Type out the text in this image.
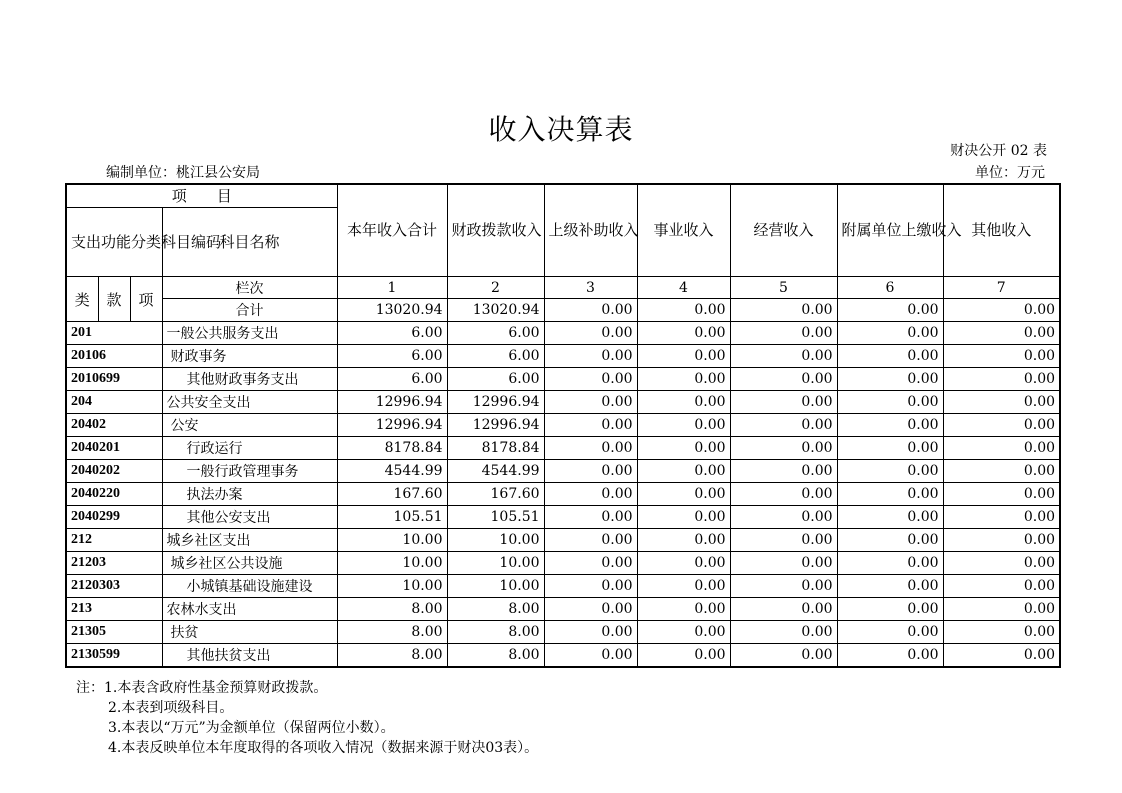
收入决算表
财决公开 02 表
编制单位：桃江县公安局	单位：万元
项　　目				本年收入合计	财政拨款收入	上级补助收入	事业收入	经营收入	附属单位上缴收入	其他收入
支出功能分类科目编码			科目名称							
类	款	项	栏次	1	2	3	4	5	6	7
			合计	13020.94	13020.94	0.00	0.00	0.00	0.00	0.00
201			一般公共服务支出	6.00	6.00	0.00	0.00	0.00	0.00	0.00
20106			财政事务	6.00	6.00	0.00	0.00	0.00	0.00	0.00
2010699			其他财政事务支出	6.00	6.00	0.00	0.00	0.00	0.00	0.00
204			公共安全支出	12996.94	12996.94	0.00	0.00	0.00	0.00	0.00
20402			公安	12996.94	12996.94	0.00	0.00	0.00	0.00	0.00
2040201			行政运行	8178.84	8178.84	0.00	0.00	0.00	0.00	0.00
2040202			一般行政管理事务	4544.99	4544.99	0.00	0.00	0.00	0.00	0.00
2040220			执法办案	167.60	167.60	0.00	0.00	0.00	0.00	0.00
2040299			其他公安支出	105.51	105.51	0.00	0.00	0.00	0.00	0.00
212			城乡社区支出	10.00	10.00	0.00	0.00	0.00	0.00	0.00
21203			城乡社区公共设施	10.00	10.00	0.00	0.00	0.00	0.00	0.00
2120303			小城镇基础设施建设	10.00	10.00	0.00	0.00	0.00	0.00	0.00
213			农林水支出	8.00	8.00	0.00	0.00	0.00	0.00	0.00
21305			扶贫	8.00	8.00	0.00	0.00	0.00	0.00	0.00
2130599			其他扶贫支出	8.00	8.00	0.00	0.00	0.00	0.00	0.00
注：1.本表含政府性基金预算财政拨款。
2.本表到项级科目。
3.本表以“万元”为金额单位（保留两位小数）。
4.本表反映单位本年度取得的各项收入情况（数据来源于财决03表）。
